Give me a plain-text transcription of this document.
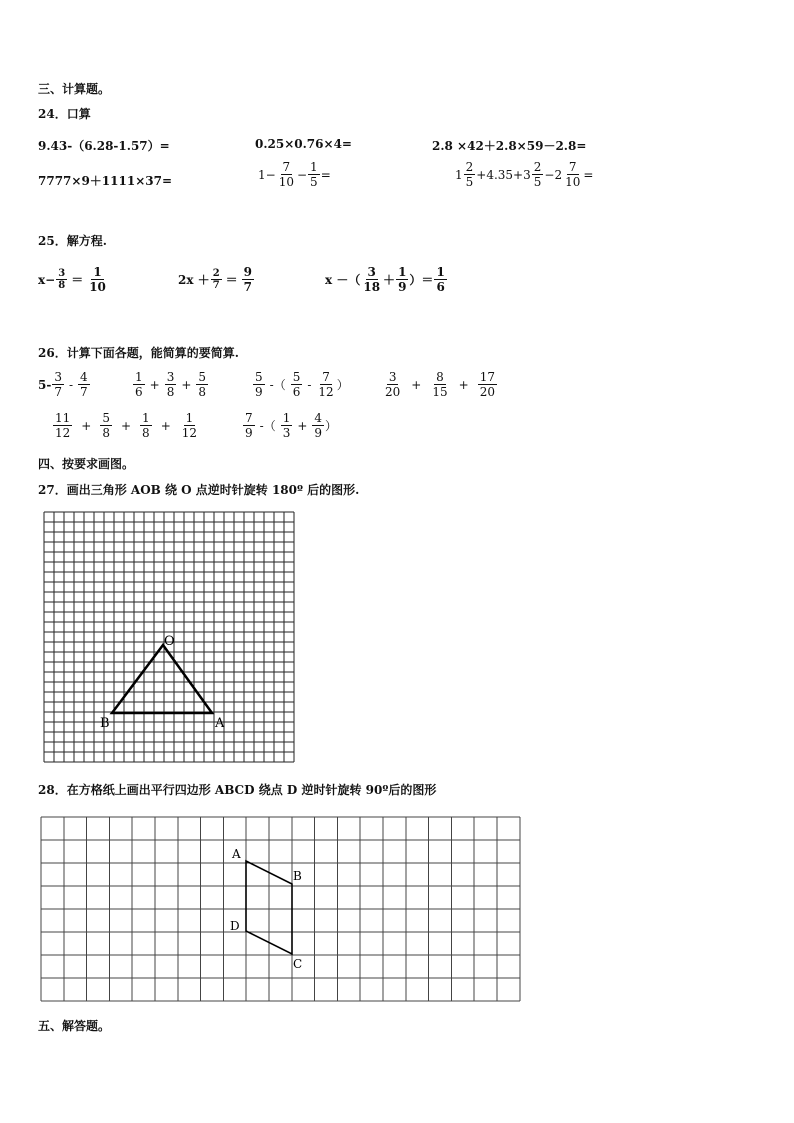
三、计算题。
24．口算
9.43-（6.28-1.57）=	0.25×0.76×4=	2.8 ×42＋2.8×59－2.8=
7777×9＋1111×37=	$1- \frac{7}{10} - \frac{1}{5}$ =	$1 \frac{2}{5} +4.35+3 \frac{2}{5} -2 \frac{7}{10}$ =
25．解方程.
$x- \frac{3}{8} = \frac{1}{10}$	$2x + \frac{2}{7} = \frac{9}{7}$	x －（ $\frac{3}{18} + \frac{1}{9}$ ）＝ $\frac{1}{6}$
26．计算下面各题，能简算的要简算.
$5- \frac{3}{7} - \frac{4}{7}$	$\frac{1}{6} + \frac{3}{8} + \frac{5}{8}$	$\frac{5}{9}$ -（ $\frac{5}{6} - \frac{7}{12}$ ）	$\frac{3}{20} + \frac{8}{15} + \frac{17}{20}$
$\frac{11}{12} + \frac{5}{8} + \frac{1}{8} + \frac{1}{12}$	$\frac{7}{9}$ -（ $\frac{1}{3} + \frac{4}{9}$ ）
四、按要求画图。
27．画出三角形 AOB 绕 O 点逆时针旋转 180º 后的图形.
O
B	A
28．在方格纸上画出平行四边形 ABCD 绕点 D 逆时针旋转 90º后的图形
A
B
C
D
五、解答题。
